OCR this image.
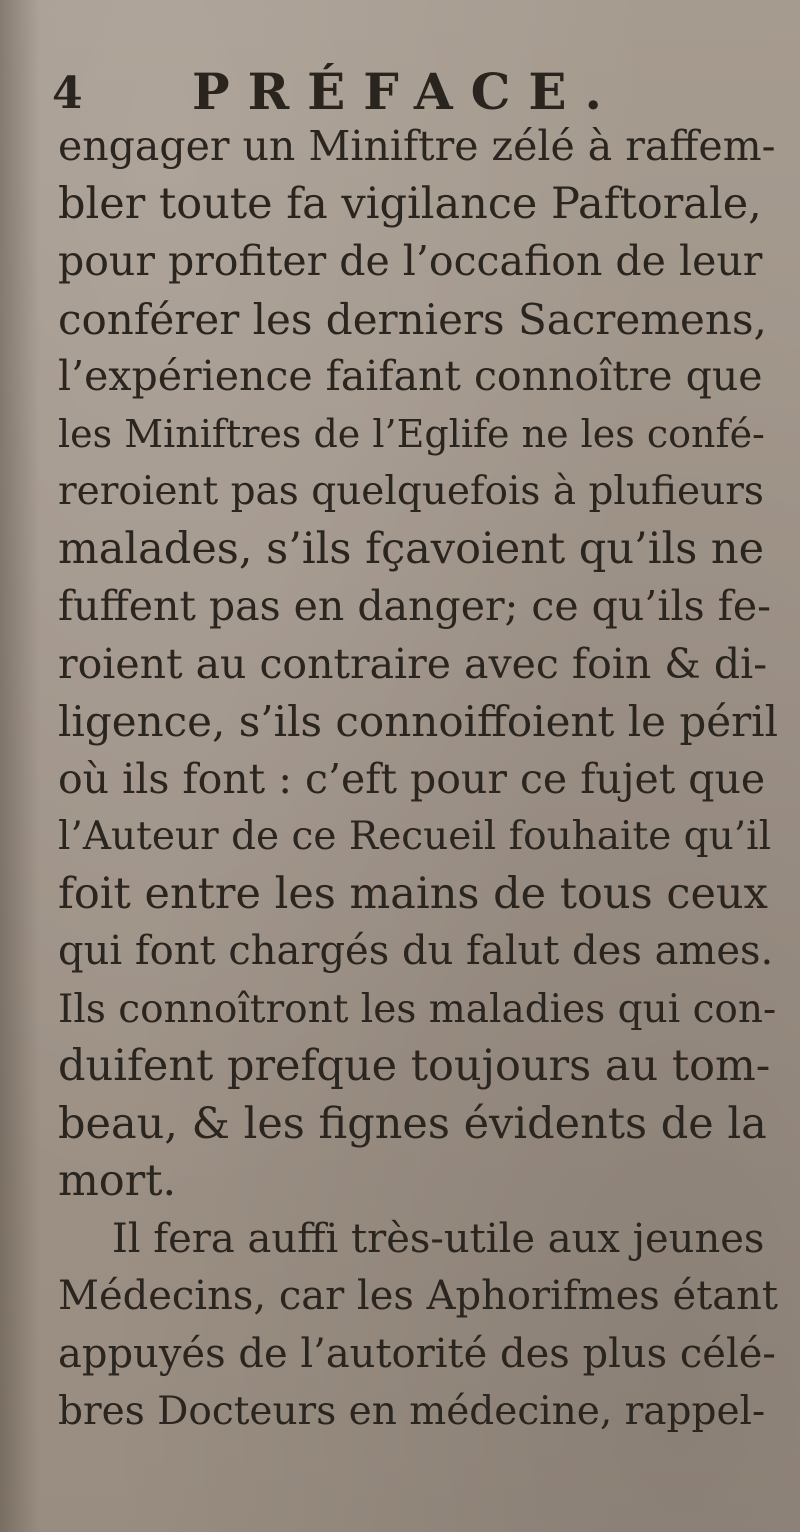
4 PRÉFACE.
engager un Miniftre zélé à raffem-
bler toute fa vigilance Paftorale,
pour profiter de l’occafion de leur
conférer les derniers Sacremens,
l’expérience faifant connoître que
les Miniftres de l’Eglife ne les confé-
reroient pas quelquefois à plufieurs
malades, s’ils fçavoient qu’ils ne
fuffent pas en danger; ce qu’ils fe-
roient au contraire avec foin & di-
ligence, s’ils connoiffoient le péril
où ils font : c’eft pour ce fujet que
l’Auteur de ce Recueil fouhaite qu’il
foit entre les mains de tous ceux
qui font chargés du falut des ames.
Ils connoîtront les maladies qui con-
duifent prefque toujours au tom-
beau, & les fignes évidents de la
mort.
Il fera auffi très-utile aux jeunes
Médecins, car les Aphorifmes étant
appuyés de l’autorité des plus célé-
bres Docteurs en médecine, rappel-
